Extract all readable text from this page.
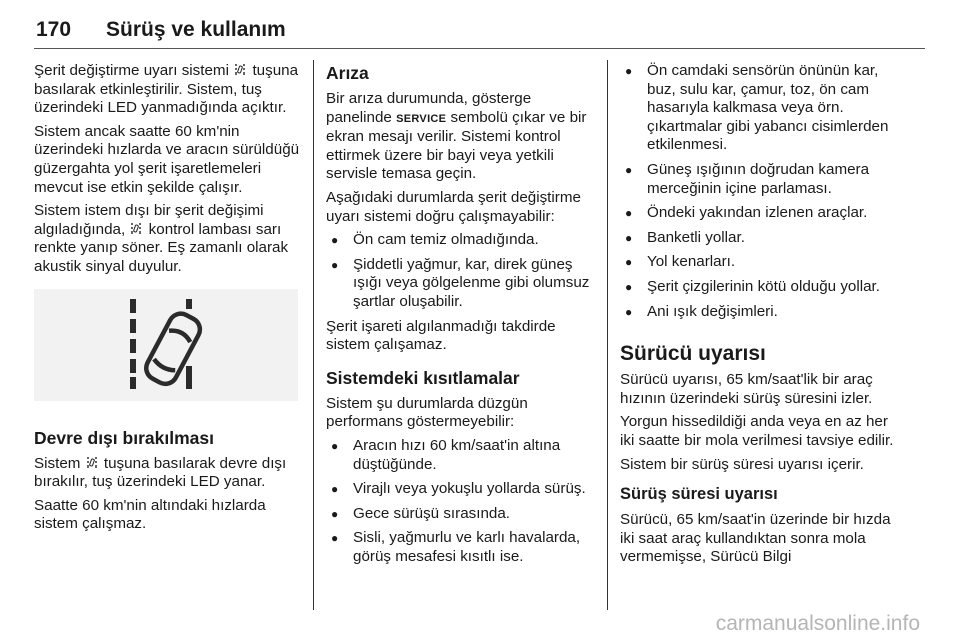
170 Sürüş ve kullanım

Şerit değiştirme uyarı sistemi tuşuna basılarak etkinleştirilir. Sistem, tuş üzerindeki LED yanmadığında açıktır.

Sistem ancak saatte 60 km'nin üzerindeki hızlarda ve aracın sürüldüğü güzergahta yol şerit işaretlemeleri mevcut ise etkin şekilde çalışır.

Sistem istem dışı bir şerit değişimi algıladığında, kontrol lambası sarı renkte yanıp söner. Eş zamanlı olarak akustik sinyal duyulur.

Devre dışı bırakılması

Sistem tuşuna basılarak devre dışı bırakılır, tuş üzerindeki LED yanar.

Saatte 60 km'nin altındaki hızlarda sistem çalışmaz.

Arıza

Bir arıza durumunda, gösterge panelinde SERVICE sembolü çıkar ve bir ekran mesajı verilir. Sistemi kontrol ettirmek üzere bir bayi veya yetkili servisle temasa geçin.

Aşağıdaki durumlarda şerit değiştirme uyarı sistemi doğru çalışmayabilir:

● Ön cam temiz olmadığında.
● Şiddetli yağmur, kar, direk güneş ışığı veya gölgelenme gibi olumsuz şartlar oluşabilir.

Şerit işareti algılanmadığı takdirde sistem çalışamaz.

Sistemdeki kısıtlamalar

Sistem şu durumlarda düzgün performans göstermeyebilir:

● Aracın hızı 60 km/saat'in altına düştüğünde.
● Virajlı veya yokuşlu yollarda sürüş.
● Gece sürüşü sırasında.
● Sisli, yağmurlu ve karlı havalarda, görüş mesafesi kısıtlı ise.
● Ön camdaki sensörün önünün kar, buz, sulu kar, çamur, toz, ön cam hasarıyla kalkmasa veya örn. çıkartmalar gibi yabancı cisimlerden etkilenmesi.
● Güneş ışığının doğrudan kamera merceğinin içine parlaması.
● Öndeki yakından izlenen araçlar.
● Banketli yollar.
● Yol kenarları.
● Şerit çizgilerinin kötü olduğu yollar.
● Ani ışık değişimleri.
Sürücü uyarısı

Sürücü uyarısı, 65 km/saat'lik bir araç hızının üzerindeki sürüş süresini izler.

Yorgun hissedildiği anda veya en az her iki saatte bir mola verilmesi tavsiye edilir.

Sistem bir sürüş süresi uyarısı içerir.

Sürüş süresi uyarısı

Sürücü, 65 km/saat'in üzerinde bir hızda iki saat araç kullandıktan sonra mola vermemişse, Sürücü Bilgi

carmanualsonline.info
